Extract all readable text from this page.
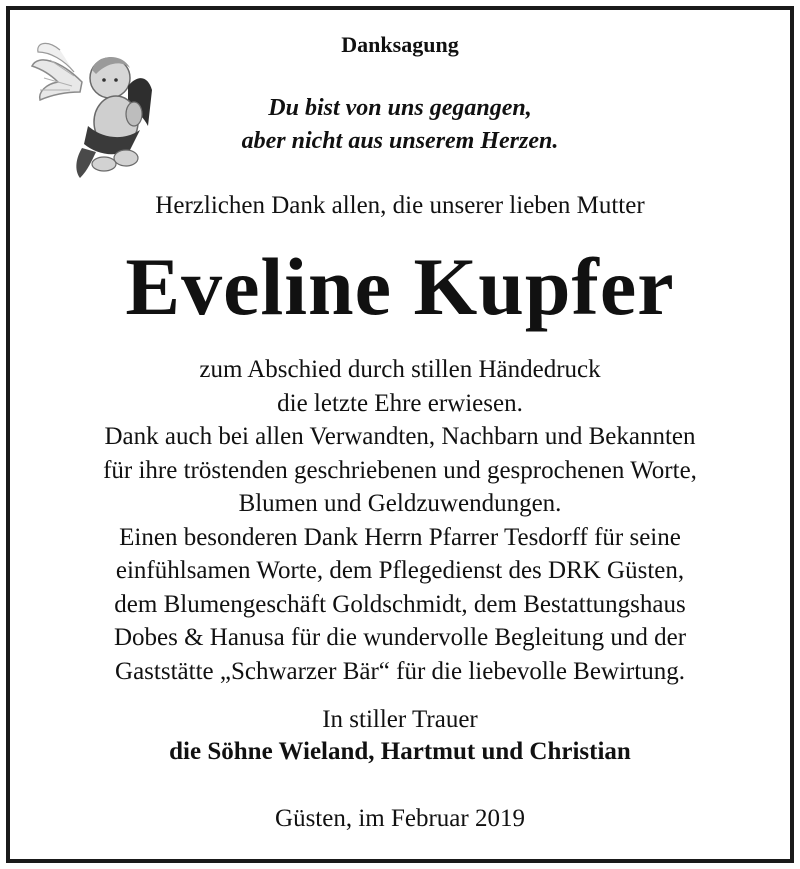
Danksagung
Du bist von uns gegangen,
aber nicht aus unserem Herzen.
Herzlichen Dank allen, die unserer lieben Mutter
Eveline Kupfer
zum Abschied durch stillen Händedruck
die letzte Ehre erwiesen.
Dank auch bei allen Verwandten, Nachbarn und Bekannten
für ihre tröstenden geschriebenen und gesprochenen Worte,
Blumen und Geldzuwendungen.
Einen besonderen Dank Herrn Pfarrer Tesdorff für seine
einfühlsamen Worte, dem Pflegedienst des DRK Güsten,
dem Blumengeschäft Goldschmidt, dem Bestattungshaus
Dobes & Hanusa für die wundervolle Begleitung und der
Gaststätte „Schwarzer Bär“ für die liebevolle Bewirtung.
In stiller Trauer
die Söhne Wieland, Hartmut und Christian
Güsten, im Februar 2019
